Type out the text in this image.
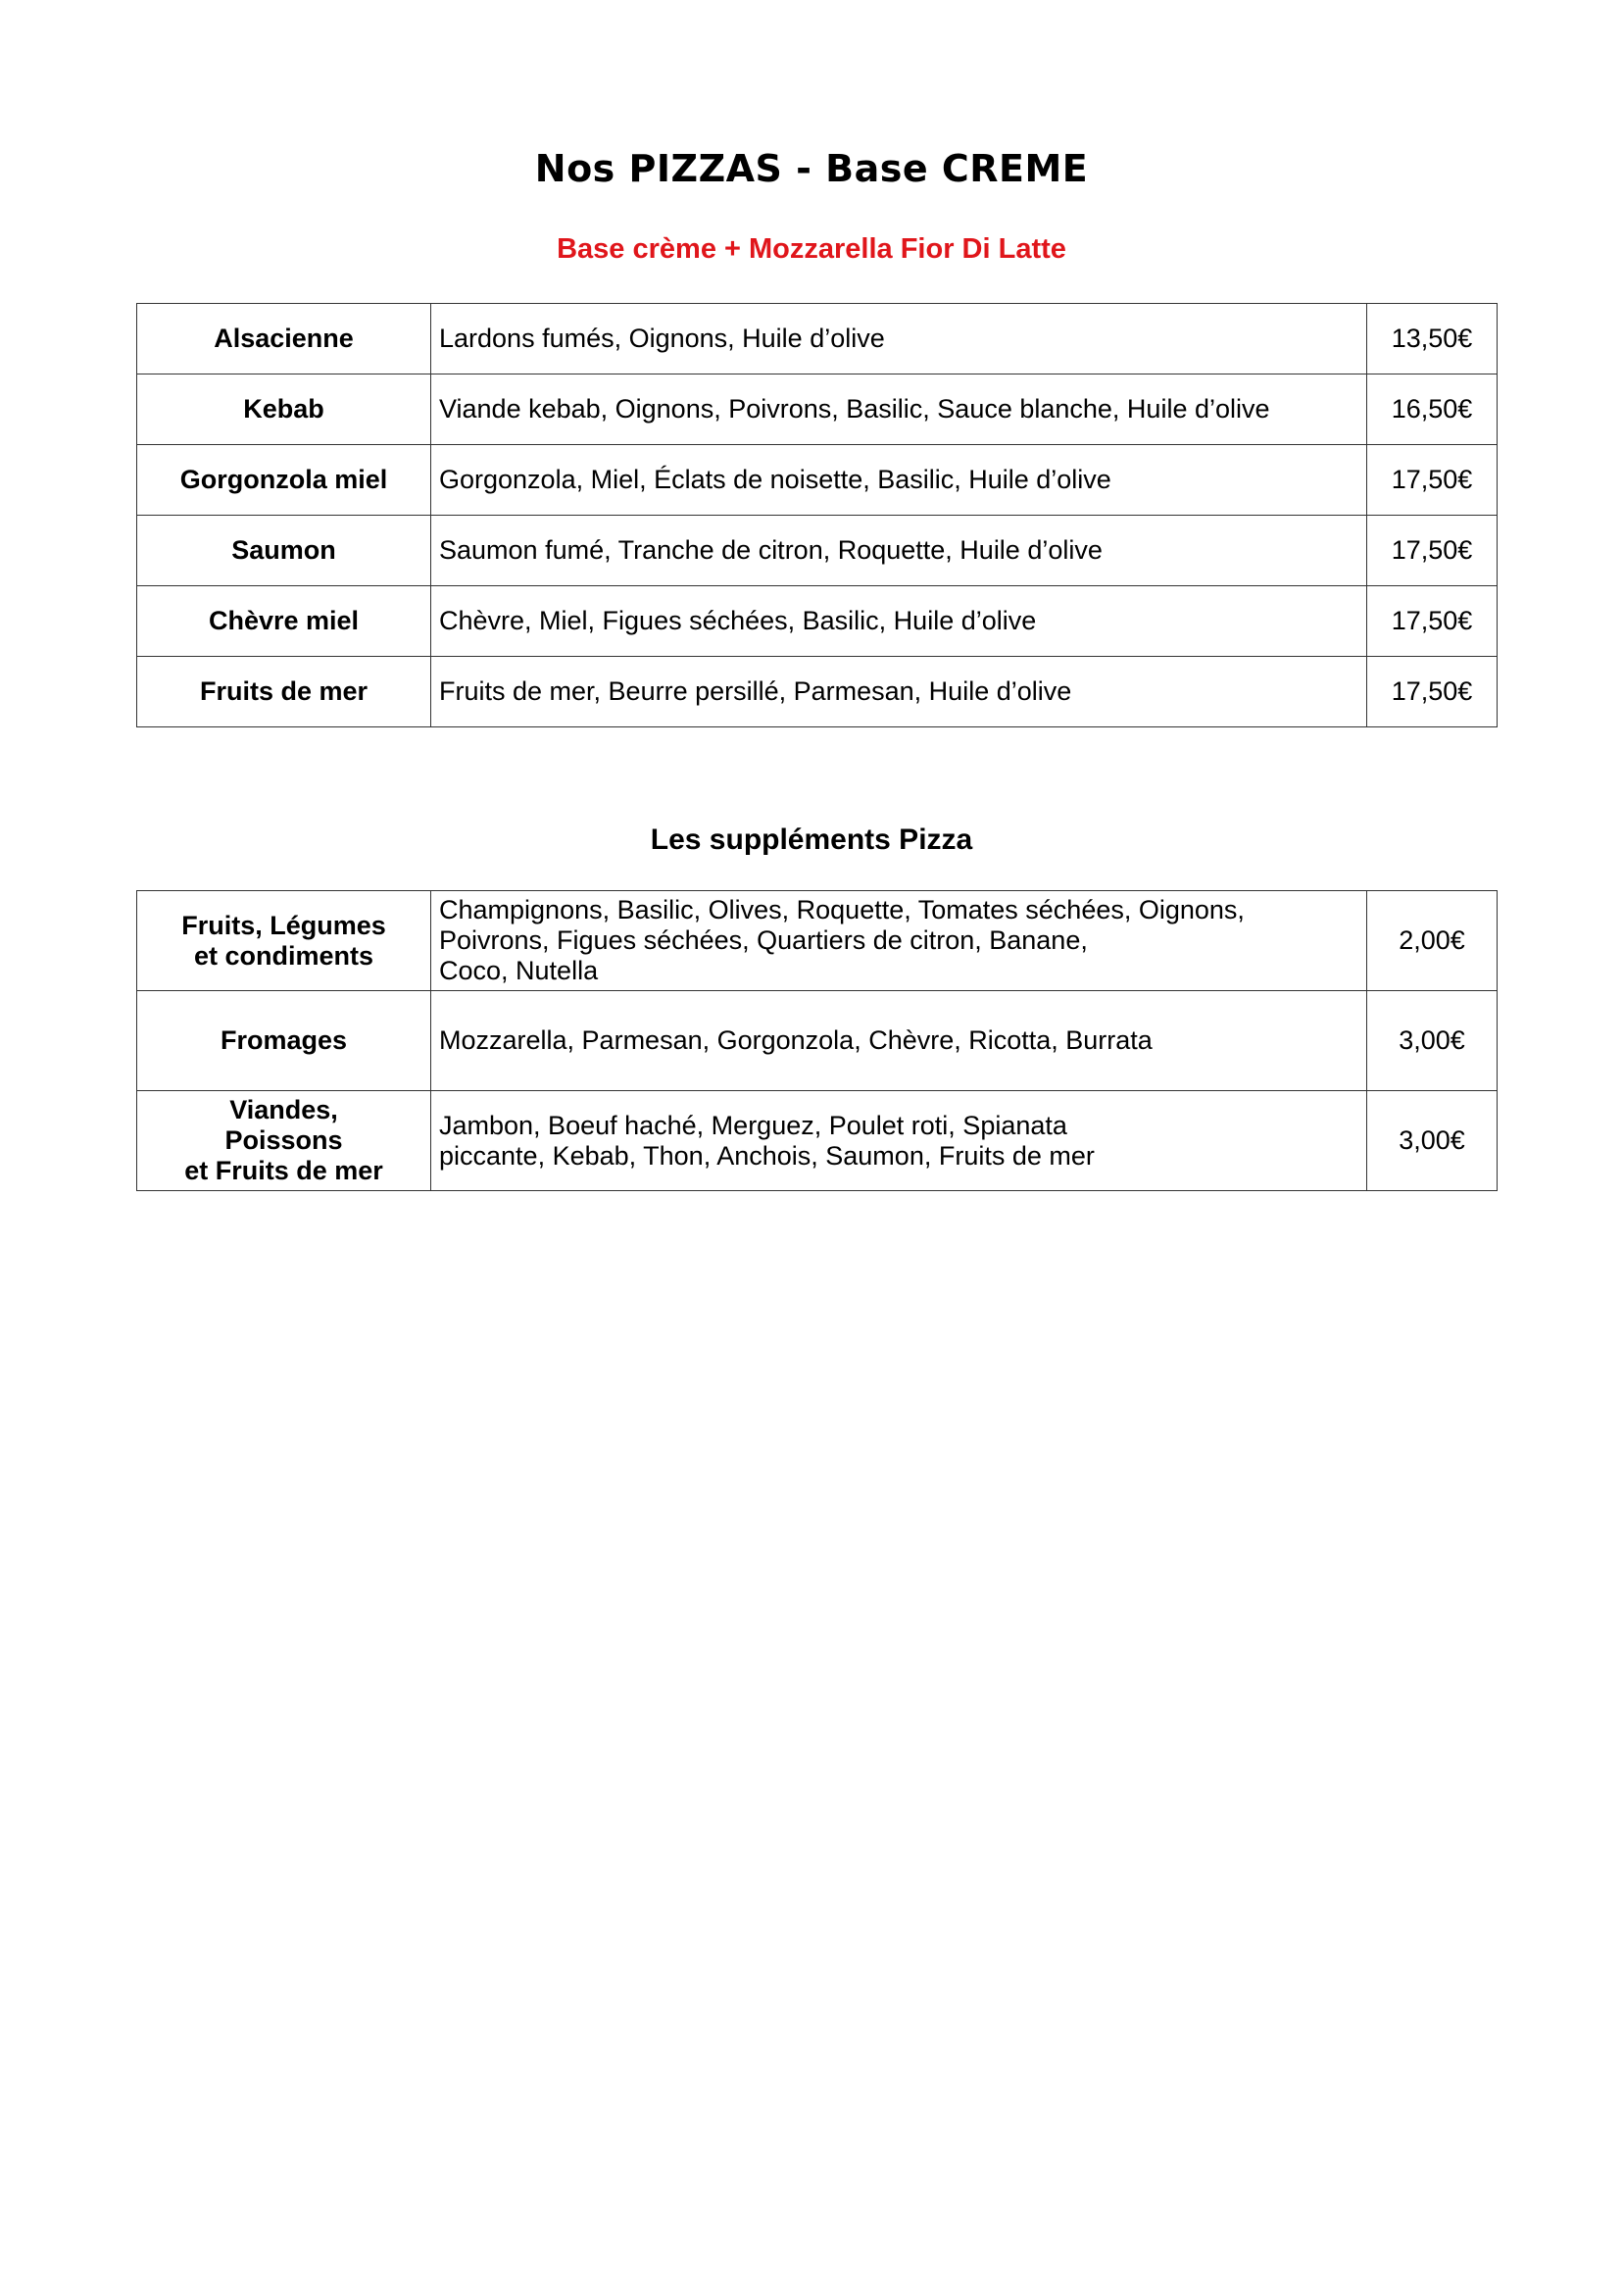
Nos PIZZAS - Base CREME
Base crème + Mozzarella Fior Di Latte
Alsacienne	Lardons fumés, Oignons, Huile d’olive	13,50€
Kebab	Viande kebab, Oignons, Poivrons, Basilic, Sauce blanche, Huile d’olive	16,50€
Gorgonzola miel	Gorgonzola, Miel, Éclats de noisette, Basilic, Huile d’olive	17,50€
Saumon	Saumon fumé, Tranche de citron, Roquette, Huile d’olive	17,50€
Chèvre miel	Chèvre, Miel, Figues séchées, Basilic, Huile d’olive	17,50€
Fruits de mer	Fruits de mer, Beurre persillé, Parmesan, Huile d’olive	17,50€
Les suppléments Pizza
Fruits, Légumes
et condiments	Champignons, Basilic, Olives, Roquette, Tomates séchées, Oignons,
Poivrons, Figues séchées, Quartiers de citron, Banane,
Coco, Nutella	2,00€
Fromages	Mozzarella, Parmesan, Gorgonzola, Chèvre, Ricotta, Burrata	3,00€
Viandes,
Poissons
et Fruits de mer	Jambon, Boeuf haché, Merguez, Poulet roti, Spianata
piccante, Kebab, Thon, Anchois, Saumon, Fruits de mer	3,00€
